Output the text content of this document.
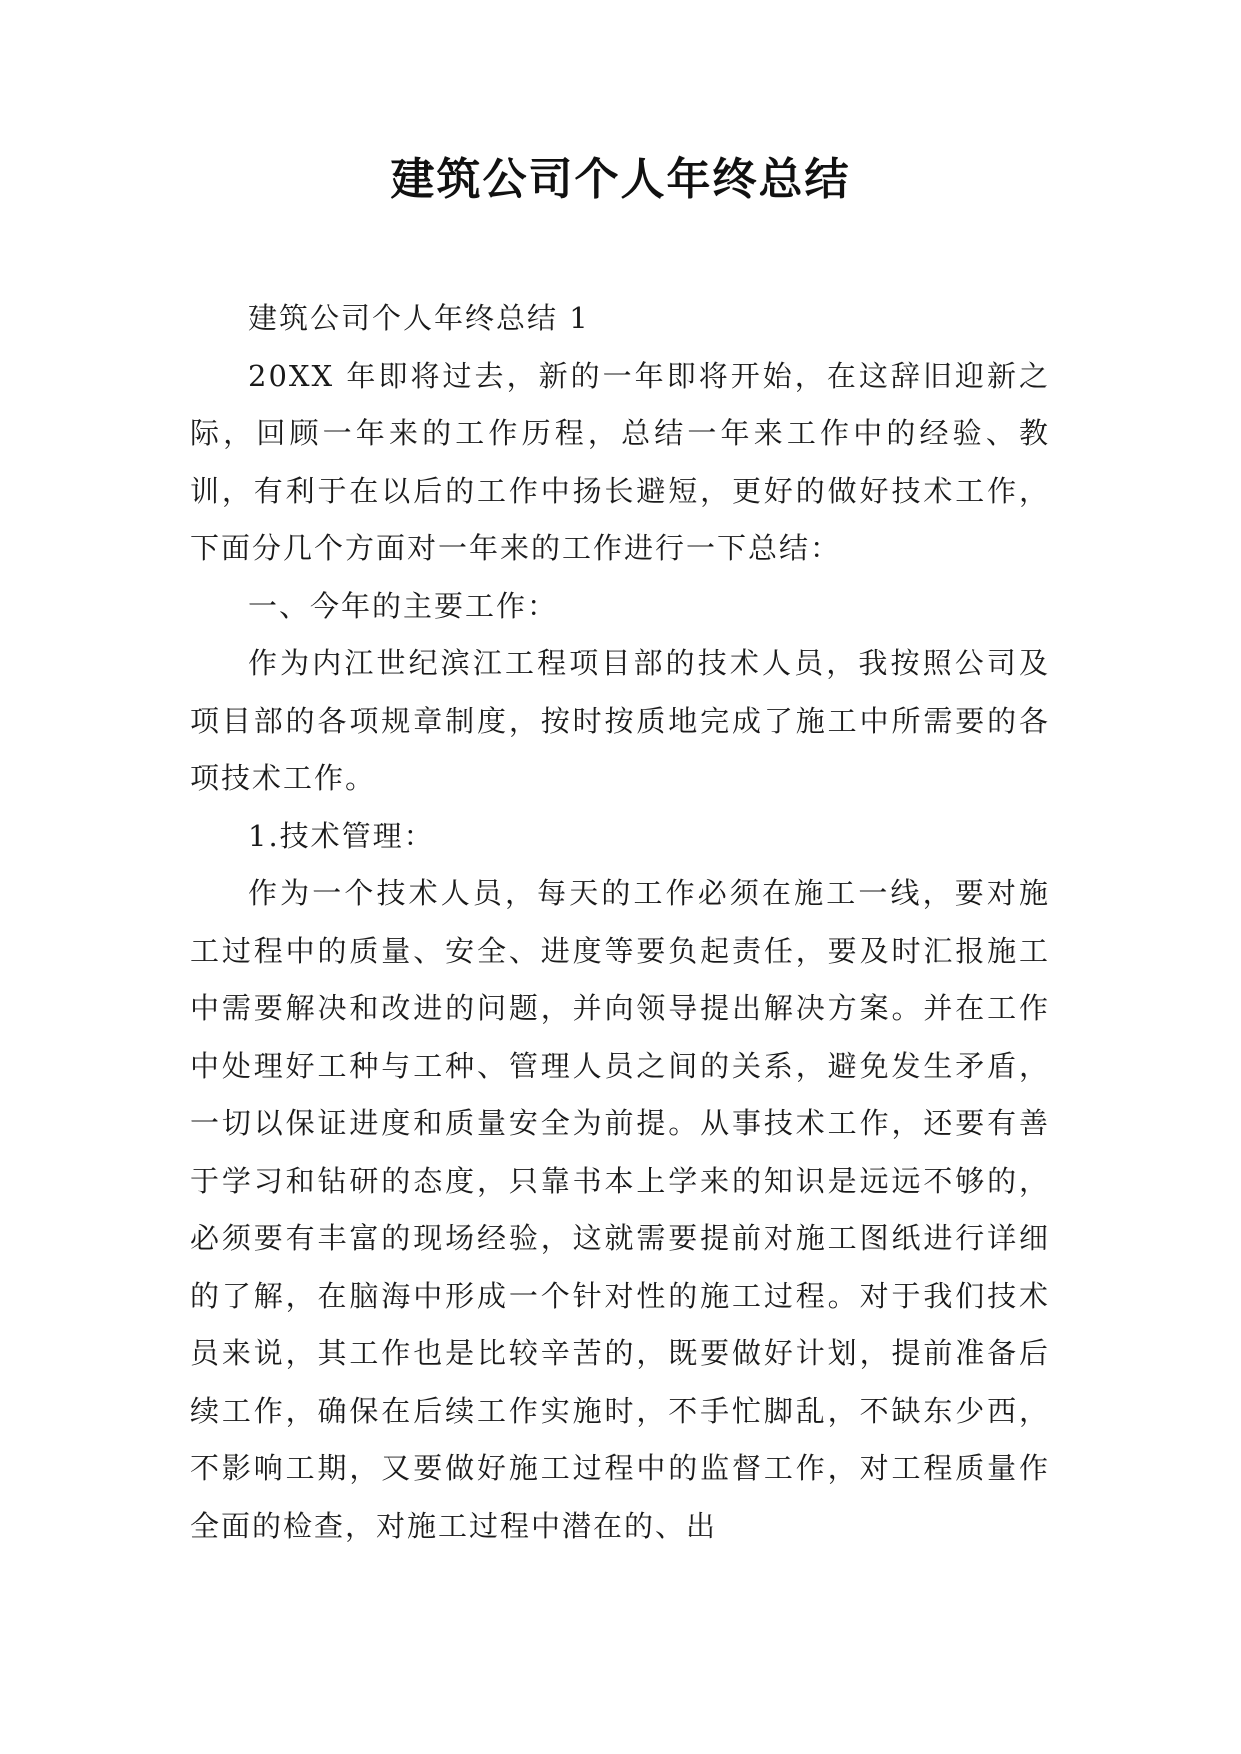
建筑公司个人年终总结

建筑公司个人年终总结 1

20XX 年即将过去，新的一年即将开始，在这辞旧迎新之际，回顾一年来的工作历程，总结一年来工作中的经验、教训，有利于在以后的工作中扬长避短，更好的做好技术工作，下面分几个方面对一年来的工作进行一下总结：

一、今年的主要工作：

作为内江世纪滨江工程项目部的技术人员，我按照公司及项目部的各项规章制度，按时按质地完成了施工中所需要的各项技术工作。

1.技术管理：

作为一个技术人员，每天的工作必须在施工一线，要对施工过程中的质量、安全、进度等要负起责任，要及时汇报施工中需要解决和改进的问题，并向领导提出解决方案。并在工作中处理好工种与工种、管理人员之间的关系，避免发生矛盾，一切以保证进度和质量安全为前提。从事技术工作，还要有善于学习和钻研的态度，只靠书本上学来的知识是远远不够的，必须要有丰富的现场经验，这就需要提前对施工图纸进行详细的了解，在脑海中形成一个针对性的施工过程。对于我们技术员来说，其工作也是比较辛苦的，既要做好计划，提前准备后续工作，确保在后续工作实施时，不手忙脚乱，不缺东少西，不影响工期，又要做好施工过程中的监督工作，对工程质量作全面的检查，对施工过程中潜在的、出
